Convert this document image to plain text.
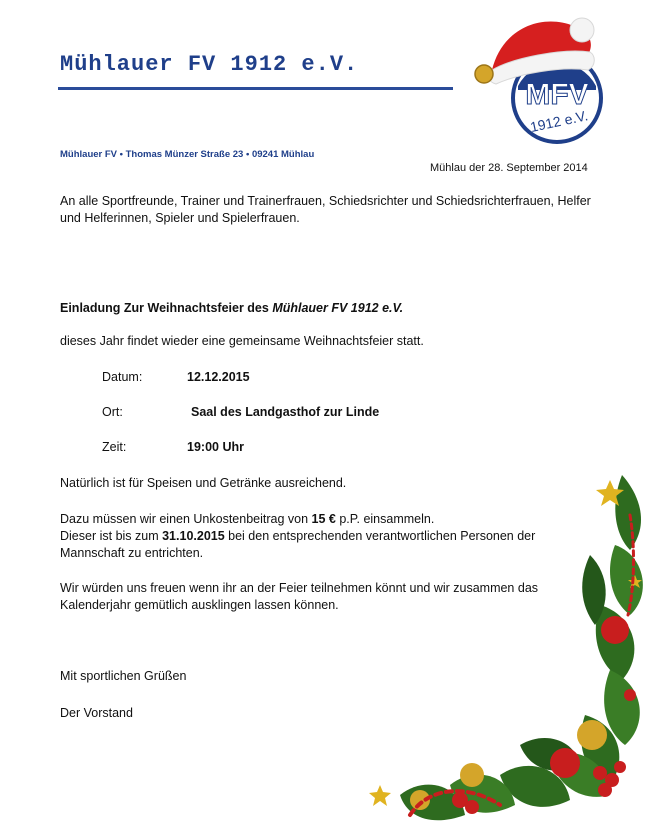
Mühlauer FV 1912 e.V.
MFV
1912 e.V.
Mühlauer FV • Thomas Münzer Straße 23 • 09241 Mühlau
Mühlau der 28. September 2014
An alle Sportfreunde, Trainer und Trainerfrauen, Schiedsrichter und Schiedsrichterfrauen, Helfer und Helferinnen, Spieler und Spielerfrauen.
Einladung Zur Weihnachtsfeier des Mühlauer FV 1912 e.V.
dieses Jahr findet wieder eine gemeinsame Weihnachtsfeier statt.
Datum:	12.12.2015
Ort:	Saal des Landgasthof zur Linde
Zeit:	19:00 Uhr
Natürlich ist für Speisen und Getränke ausreichend.
Dazu müssen wir einen Unkostenbeitrag von 15 € p.P. einsammeln.
Dieser ist bis zum 31.10.2015 bei den entsprechenden verantwortlichen Personen der Mannschaft zu entrichten.
Wir würden uns freuen wenn ihr an der Feier teilnehmen könnt und wir zusammen das Kalenderjahr gemütlich ausklingen lassen können.
Mit sportlichen Grüßen
Der Vorstand
